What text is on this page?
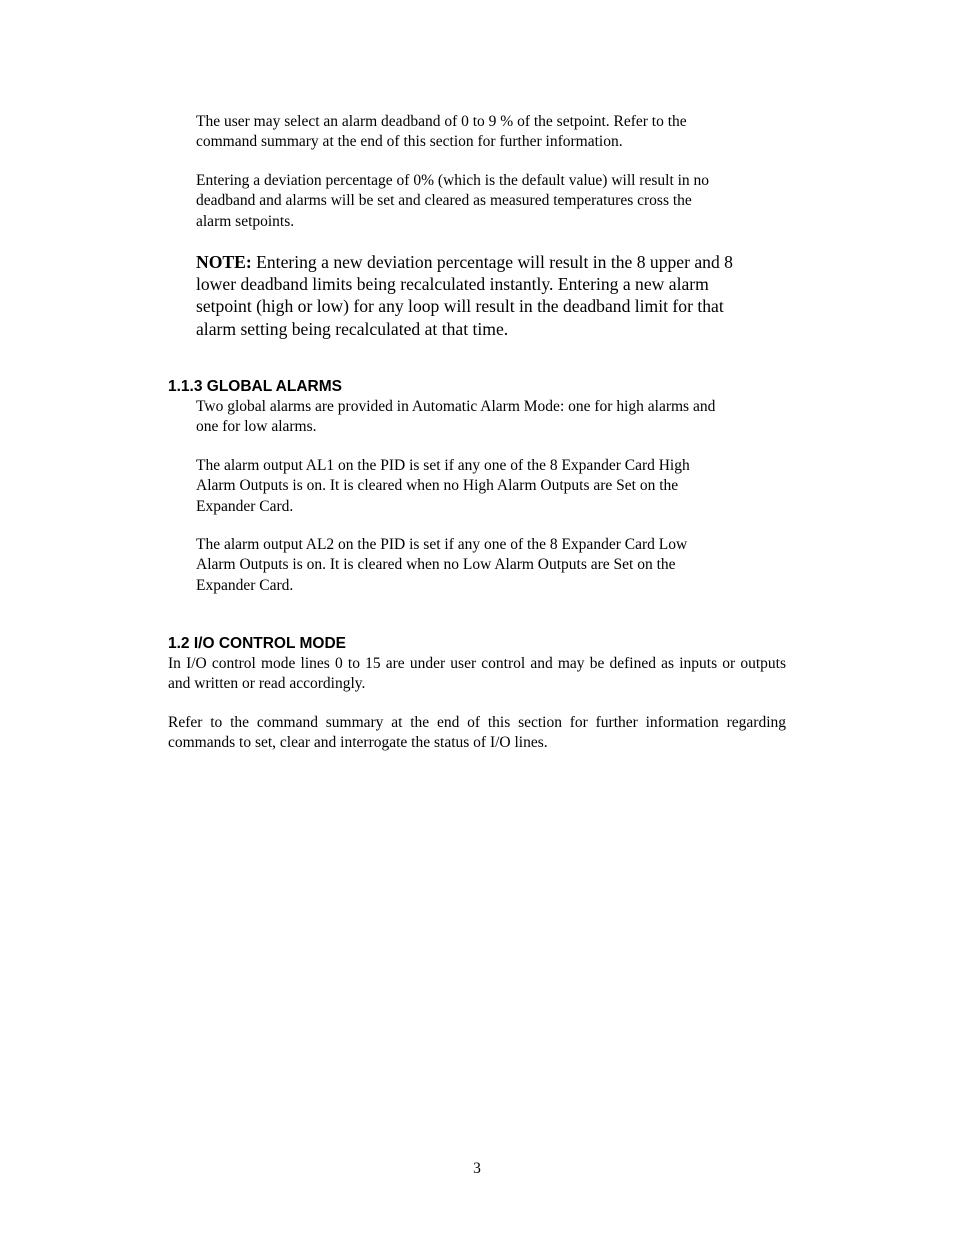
The user may select an alarm deadband of 0 to 9 % of the setpoint. Refer to the
command summary at the end of this section for further information.

Entering a deviation percentage of 0% (which is the default value) will result in no
deadband and alarms will be set and cleared as measured temperatures cross the
alarm setpoints.

NOTE: Entering a new deviation percentage will result in the 8 upper and 8
lower deadband limits being recalculated instantly. Entering a new alarm
setpoint (high or low) for any loop will result in the deadband limit for that
alarm setting being recalculated at that time.

1.1.3 GLOBAL ALARMS

Two global alarms are provided in Automatic Alarm Mode: one for high alarms and
one for low alarms.

The alarm output AL1 on the PID is set if any one of the 8 Expander Card High
Alarm Outputs is on. It is cleared when no High Alarm Outputs are Set on the
Expander Card.

The alarm output AL2 on the PID is set if any one of the 8 Expander Card Low
Alarm Outputs is on. It is cleared when no Low Alarm Outputs are Set on the
Expander Card.

1.2 I/O CONTROL MODE

In I/O control mode lines 0 to 15 are under user control and may be defined as inputs or outputs and written or read accordingly.

Refer to the command summary at the end of this section for further information regarding commands to set, clear and interrogate the status of I/O lines.

3
